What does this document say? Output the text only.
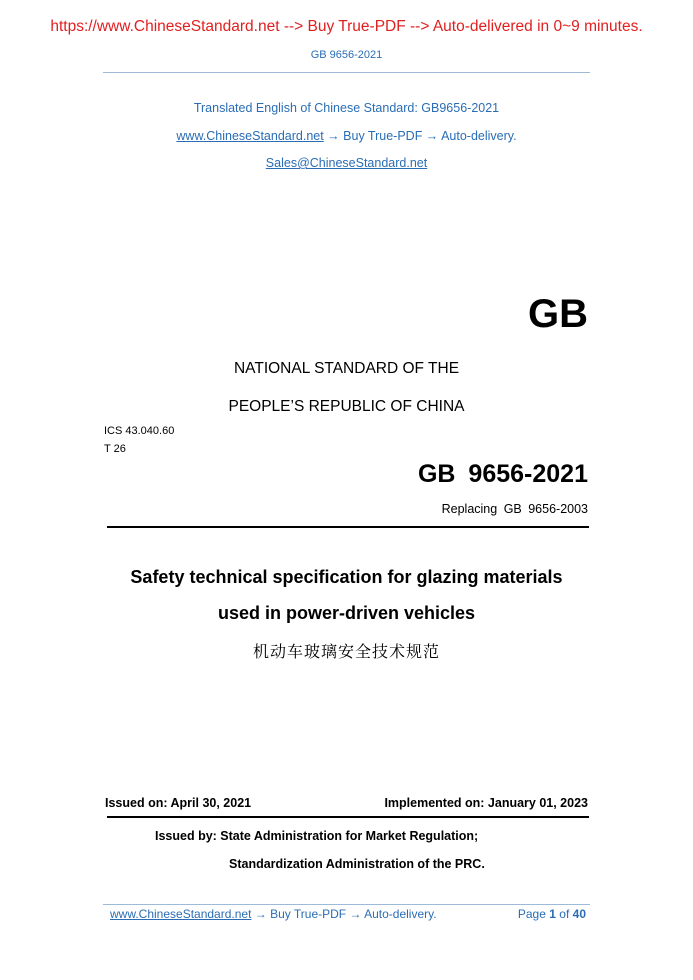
https://www.ChineseStandard.net --> Buy True-PDF --> Auto-delivered in 0~9 minutes.
GB 9656-2021
Translated English of Chinese Standard: GB9656-2021
www.ChineseStandard.net → Buy True-PDF → Auto-delivery.
Sales@ChineseStandard.net
GB
NATIONAL STANDARD OF THE
PEOPLE’S REPUBLIC OF CHINA
ICS 43.040.60
T 26
GB 9656-2021
Replacing GB 9656-2003
Safety technical specification for glazing materials
used in power-driven vehicles
机动车玻璃安全技术规范
Issued on: April 30, 2021	Implemented on: January 01, 2023
Issued by: State Administration for Market Regulation;
Standardization Administration of the PRC.
www.ChineseStandard.net → Buy True-PDF → Auto-delivery.	Page 1 of 40
